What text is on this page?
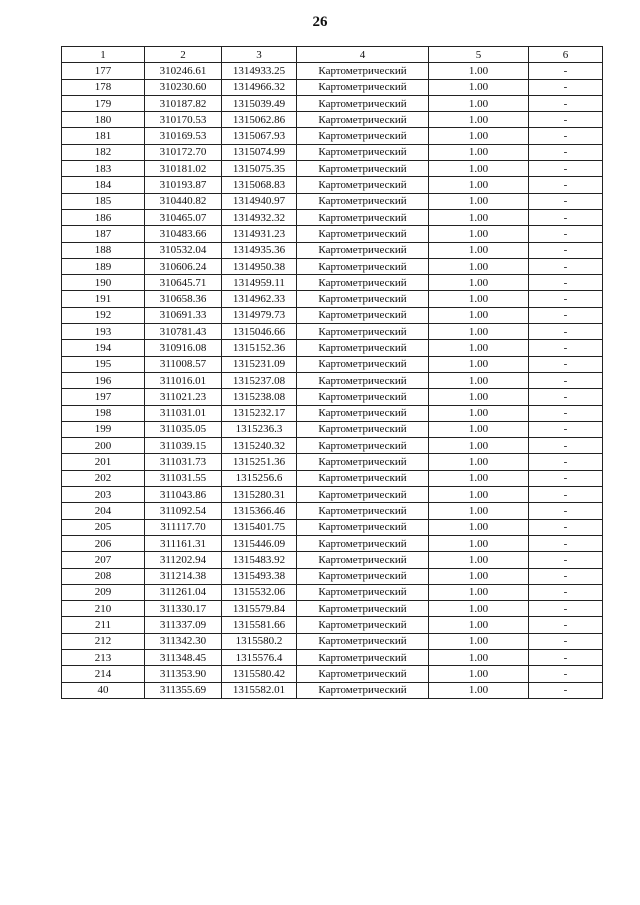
26
1	2	3	4	5	6
177	310246.61	1314933.25	Картометрический	1.00	-
178	310230.60	1314966.32	Картометрический	1.00	-
179	310187.82	1315039.49	Картометрический	1.00	-
180	310170.53	1315062.86	Картометрический	1.00	-
181	310169.53	1315067.93	Картометрический	1.00	-
182	310172.70	1315074.99	Картометрический	1.00	-
183	310181.02	1315075.35	Картометрический	1.00	-
184	310193.87	1315068.83	Картометрический	1.00	-
185	310440.82	1314940.97	Картометрический	1.00	-
186	310465.07	1314932.32	Картометрический	1.00	-
187	310483.66	1314931.23	Картометрический	1.00	-
188	310532.04	1314935.36	Картометрический	1.00	-
189	310606.24	1314950.38	Картометрический	1.00	-
190	310645.71	1314959.11	Картометрический	1.00	-
191	310658.36	1314962.33	Картометрический	1.00	-
192	310691.33	1314979.73	Картометрический	1.00	-
193	310781.43	1315046.66	Картометрический	1.00	-
194	310916.08	1315152.36	Картометрический	1.00	-
195	311008.57	1315231.09	Картометрический	1.00	-
196	311016.01	1315237.08	Картометрический	1.00	-
197	311021.23	1315238.08	Картометрический	1.00	-
198	311031.01	1315232.17	Картометрический	1.00	-
199	311035.05	1315236.3	Картометрический	1.00	-
200	311039.15	1315240.32	Картометрический	1.00	-
201	311031.73	1315251.36	Картометрический	1.00	-
202	311031.55	1315256.6	Картометрический	1.00	-
203	311043.86	1315280.31	Картометрический	1.00	-
204	311092.54	1315366.46	Картометрический	1.00	-
205	311117.70	1315401.75	Картометрический	1.00	-
206	311161.31	1315446.09	Картометрический	1.00	-
207	311202.94	1315483.92	Картометрический	1.00	-
208	311214.38	1315493.38	Картометрический	1.00	-
209	311261.04	1315532.06	Картометрический	1.00	-
210	311330.17	1315579.84	Картометрический	1.00	-
211	311337.09	1315581.66	Картометрический	1.00	-
212	311342.30	1315580.2	Картометрический	1.00	-
213	311348.45	1315576.4	Картометрический	1.00	-
214	311353.90	1315580.42	Картометрический	1.00	-
40	311355.69	1315582.01	Картометрический	1.00	-
